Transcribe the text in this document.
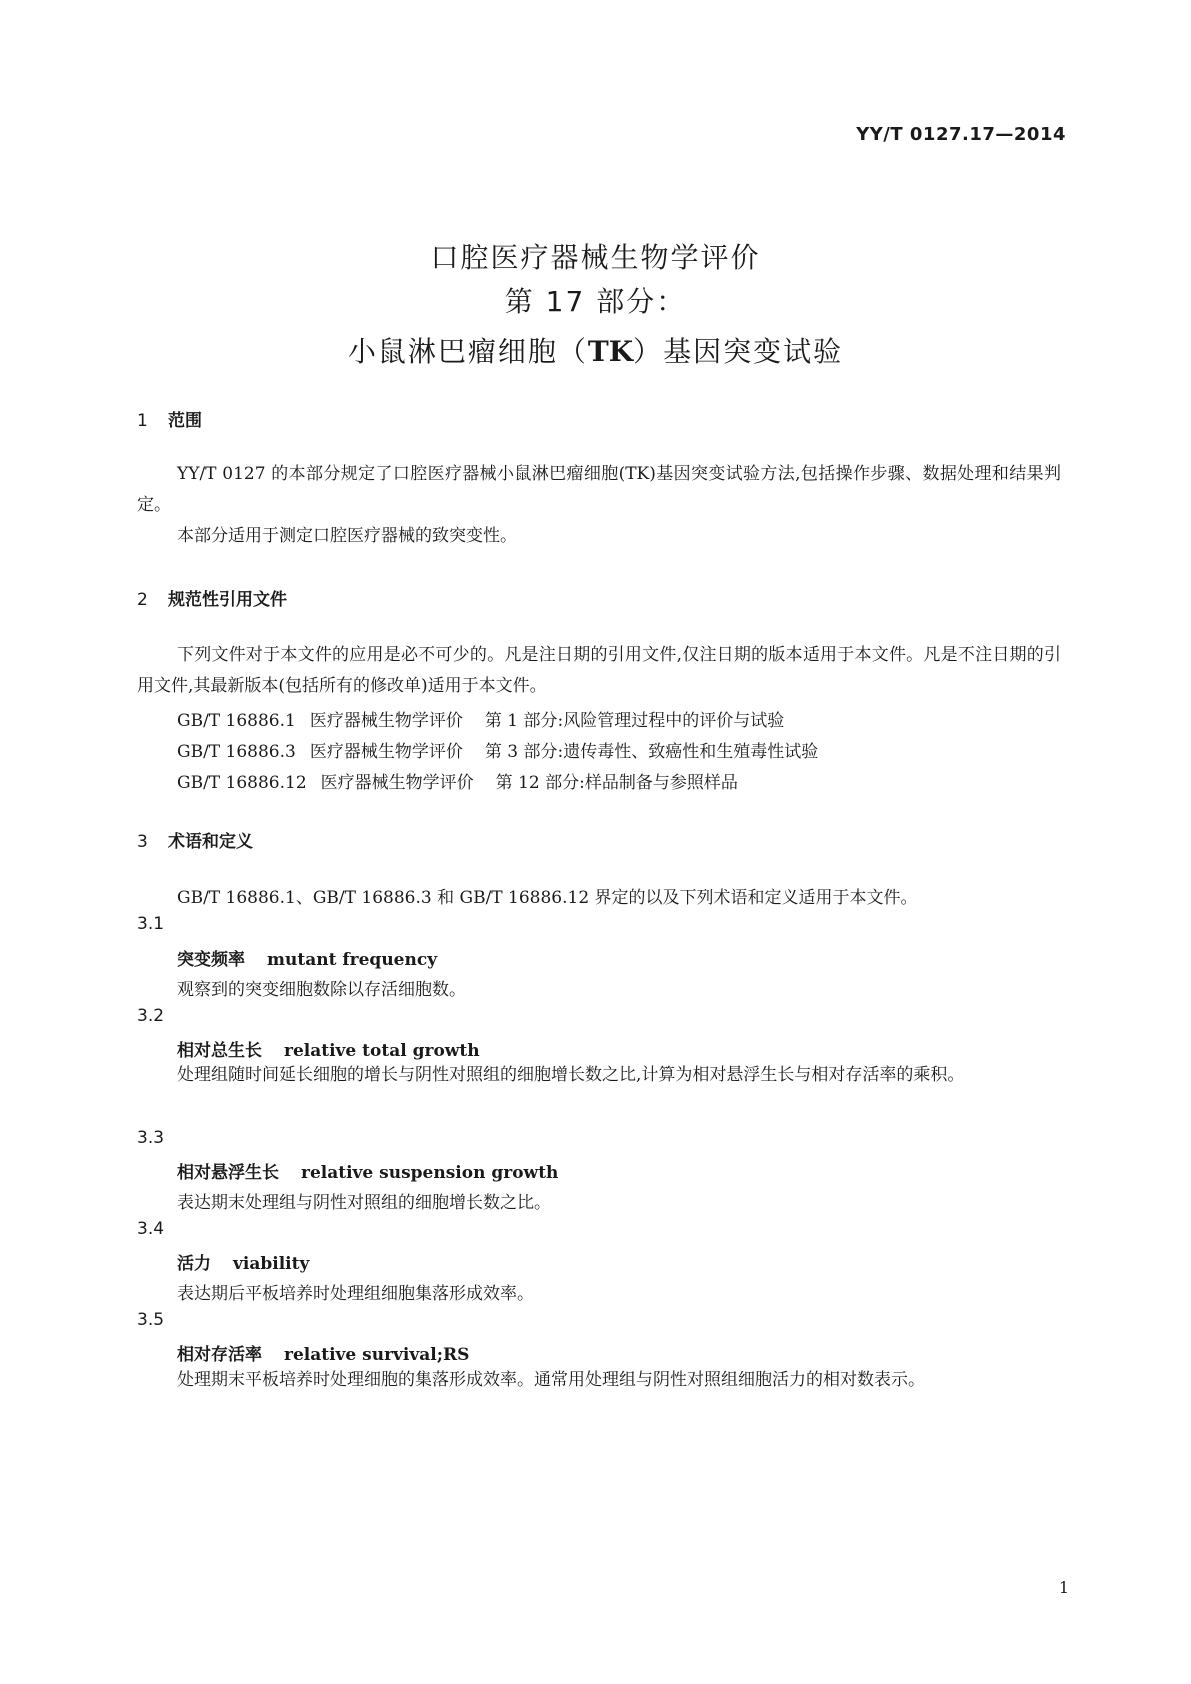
YY/T 0127.17—2014
口腔医疗器械生物学评价
第 17 部分：
小鼠淋巴瘤细胞（TK）基因突变试验
1 范围
YY/T 0127 的本部分规定了口腔医疗器械小鼠淋巴瘤细胞(TK)基因突变试验方法,包括操作步骤、数据处理和结果判定。
本部分适用于测定口腔医疗器械的致突变性。
2 规范性引用文件
下列文件对于本文件的应用是必不可少的。凡是注日期的引用文件,仅注日期的版本适用于本文件。凡是不注日期的引用文件,其最新版本(包括所有的修改单)适用于本文件。
GB/T 16886.1 医疗器械生物学评价 第 1 部分:风险管理过程中的评价与试验
GB/T 16886.3 医疗器械生物学评价 第 3 部分:遗传毒性、致癌性和生殖毒性试验
GB/T 16886.12 医疗器械生物学评价 第 12 部分:样品制备与参照样品
3 术语和定义
GB/T 16886.1、GB/T 16886.3 和 GB/T 16886.12 界定的以及下列术语和定义适用于本文件。
3.1
突变频率 mutant frequency
观察到的突变细胞数除以存活细胞数。
3.2
相对总生长 relative total growth
处理组随时间延长细胞的增长与阴性对照组的细胞增长数之比,计算为相对悬浮生长与相对存活率的乘积。
3.3
相对悬浮生长 relative suspension growth
表达期末处理组与阴性对照组的细胞增长数之比。
3.4
活力 viability
表达期后平板培养时处理组细胞集落形成效率。
3.5
相对存活率 relative survival;RS
处理期末平板培养时处理细胞的集落形成效率。通常用处理组与阴性对照组细胞活力的相对数表示。
1
